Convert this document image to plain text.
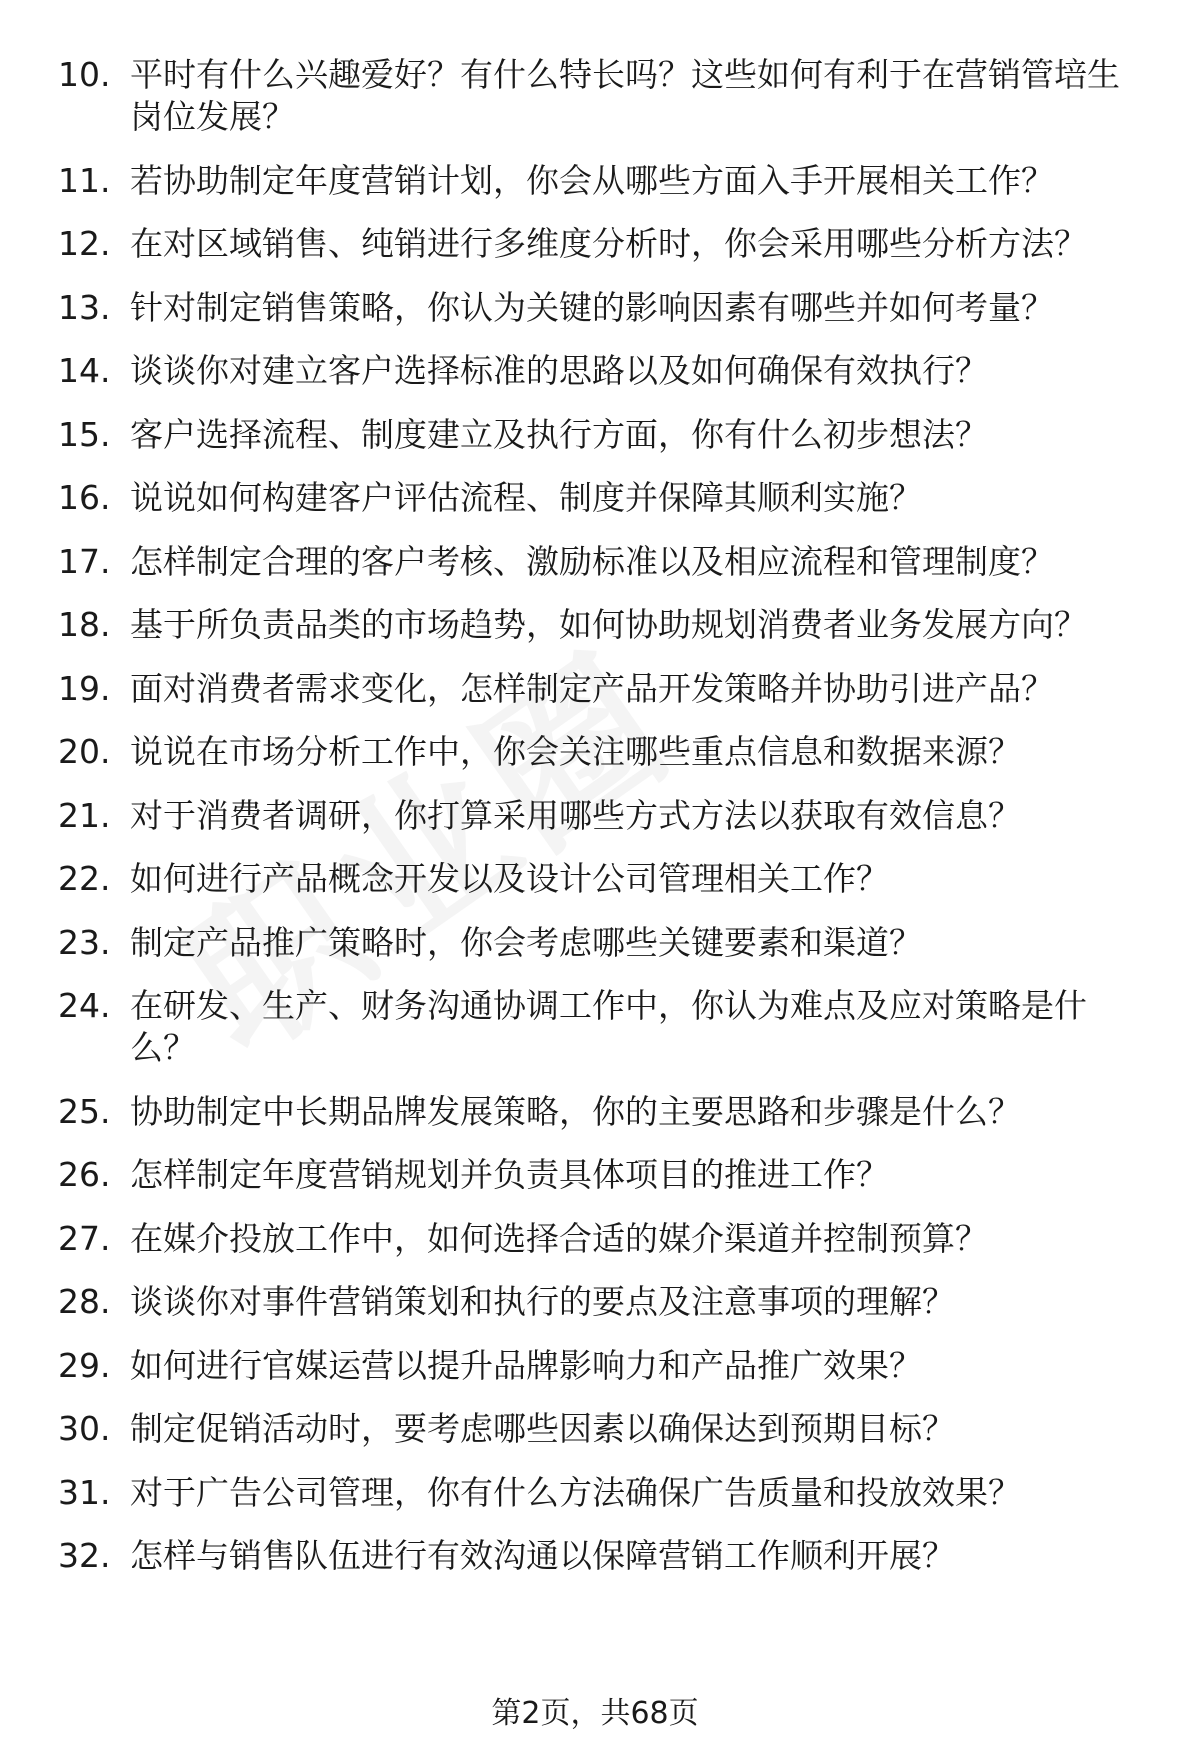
10. 平时有什么兴趣爱好？有什么特长吗？这些如何有利于在营销管培生岗位发展？
11. 若协助制定年度营销计划，你会从哪些方面入手开展相关工作？
12. 在对区域销售、纯销进行多维度分析时，你会采用哪些分析方法？
13. 针对制定销售策略，你认为关键的影响因素有哪些并如何考量？
14. 谈谈你对建立客户选择标准的思路以及如何确保有效执行？
15. 客户选择流程、制度建立及执行方面，你有什么初步想法？
16. 说说如何构建客户评估流程、制度并保障其顺利实施？
17. 怎样制定合理的客户考核、激励标准以及相应流程和管理制度？
18. 基于所负责品类的市场趋势，如何协助规划消费者业务发展方向？
19. 面对消费者需求变化，怎样制定产品开发策略并协助引进产品？
20. 说说在市场分析工作中，你会关注哪些重点信息和数据来源？
21. 对于消费者调研，你打算采用哪些方式方法以获取有效信息？
22. 如何进行产品概念开发以及设计公司管理相关工作？
23. 制定产品推广策略时，你会考虑哪些关键要素和渠道？
24. 在研发、生产、财务沟通协调工作中，你认为难点及应对策略是什么？
25. 协助制定中长期品牌发展策略，你的主要思路和步骤是什么？
26. 怎样制定年度营销规划并负责具体项目的推进工作？
27. 在媒介投放工作中，如何选择合适的媒介渠道并控制预算？
28. 谈谈你对事件营销策划和执行的要点及注意事项的理解？
29. 如何进行官媒运营以提升品牌影响力和产品推广效果？
30. 制定促销活动时，要考虑哪些因素以确保达到预期目标？
31. 对于广告公司管理，你有什么方法确保广告质量和投放效果？
32. 怎样与销售队伍进行有效沟通以保障营销工作顺利开展？
第2页，共68页
